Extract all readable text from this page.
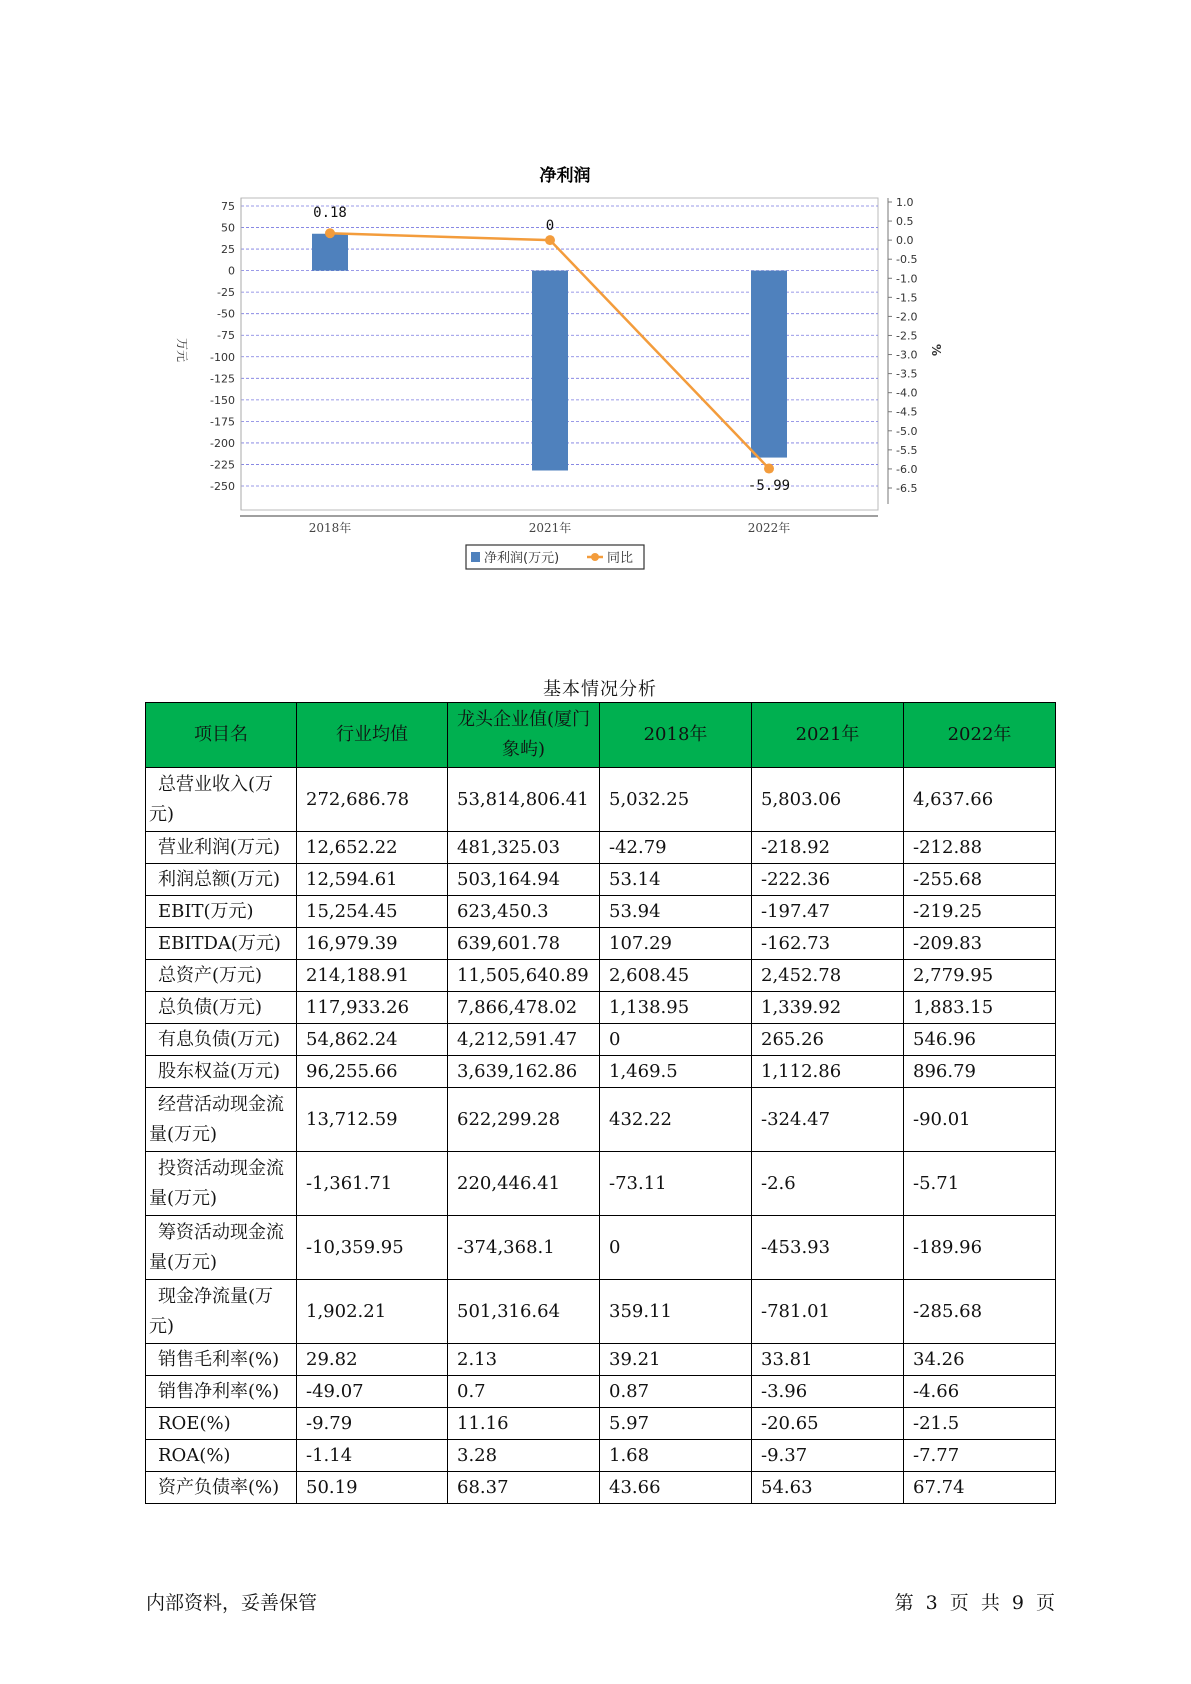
净利润
75
50
25
0
-25
-50
-75
-100
-125
-150
-175
-200
-225
-250
1.0
0.5
0.0
-0.5
-1.0
-1.5
-2.0
-2.5
-3.0
-3.5
-4.0
-4.5
-5.0
-5.5
-6.0
-6.5
万元	%
2018年	2021年	2022年
0.18
0
-5.99
净利润(万元)	同比
基本情况分析
项目名	行业均值	龙头企业值(厦门象屿)	2018年	2021年	2022年
总营业收入(万元)	272,686.78	53,814,806.41	5,032.25	5,803.06	4,637.66
营业利润(万元)	12,652.22	481,325.03	-42.79	-218.92	-212.88
利润总额(万元)	12,594.61	503,164.94	53.14	-222.36	-255.68
EBIT(万元)	15,254.45	623,450.3	53.94	-197.47	-219.25
EBITDA(万元)	16,979.39	639,601.78	107.29	-162.73	-209.83
总资产(万元)	214,188.91	11,505,640.89	2,608.45	2,452.78	2,779.95
总负债(万元)	117,933.26	7,866,478.02	1,138.95	1,339.92	1,883.15
有息负债(万元)	54,862.24	4,212,591.47	0	265.26	546.96
股东权益(万元)	96,255.66	3,639,162.86	1,469.5	1,112.86	896.79
经营活动现金流量(万元)	13,712.59	622,299.28	432.22	-324.47	-90.01
投资活动现金流量(万元)	-1,361.71	220,446.41	-73.11	-2.6	-5.71
筹资活动现金流量(万元)	-10,359.95	-374,368.1	0	-453.93	-189.96
现金净流量(万元)	1,902.21	501,316.64	359.11	-781.01	-285.68
销售毛利率(%)	29.82	2.13	39.21	33.81	34.26
销售净利率(%)	-49.07	0.7	0.87	-3.96	-4.66
ROE(%)	-9.79	11.16	5.97	-20.65	-21.5
ROA(%)	-1.14	3.28	1.68	-9.37	-7.77
资产负债率(%)	50.19	68.37	43.66	54.63	67.74
内部资料，妥善保管	第 3 页 共 9 页
